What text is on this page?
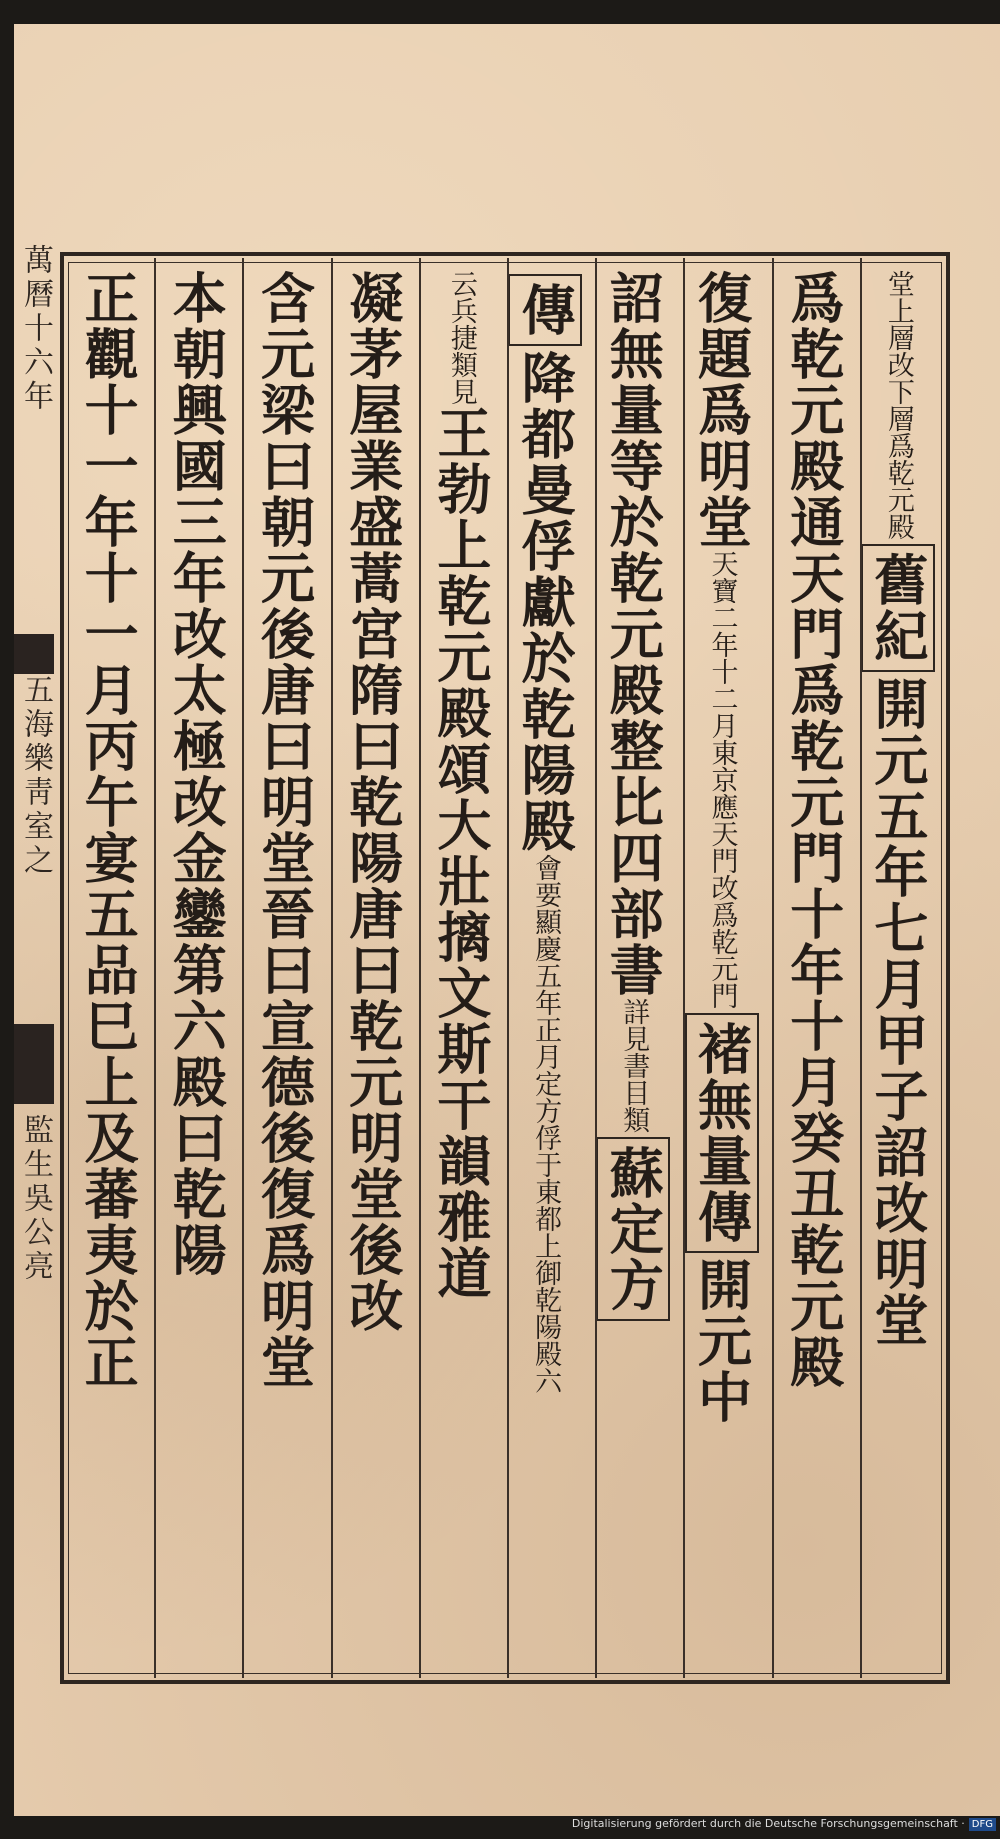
萬曆十六年
五海樂靑室之
監生吳公亮
堂上層改下層爲乾元殿舊紀開元五年七月甲子詔改明堂
爲乾元殿通天門爲乾元門十年十月癸丑乾元殿
復題爲明堂天寶二年十二月東京應天門改爲乾元門褚無量傳開元中
詔無量等於乾元殿整比四部書詳見書目類蘇定方
傳降都曼俘獻於乾陽殿會要顯慶五年正月定方俘于東都上御乾陽殿六
云兵捷類見王勃上乾元殿頌大壯摛文斯干韻雅道
凝茅屋業盛蒿宮隋曰乾陽唐曰乾元明堂後改
含元梁曰朝元後唐曰明堂晉曰宣德後復爲明堂
本朝興國三年改太極改金鑾第六殿曰乾陽
正觀十一年十一月丙午宴五品巳上及蕃夷於正
Digitalisierung gefördert durch die Deutsche Forschungsgemeinschaft · DFG
